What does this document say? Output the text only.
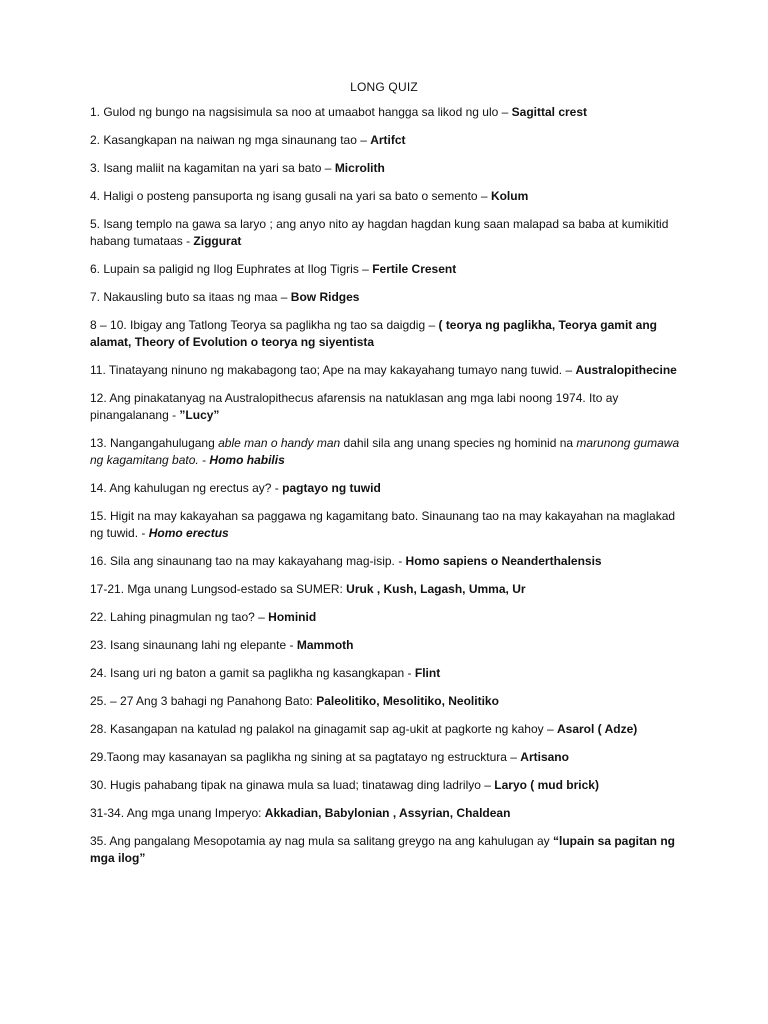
LONG QUIZ

1. Gulod ng bungo na nagsisimula sa noo at umaabot hangga sa likod ng ulo – Sagittal crest

2. Kasangkapan na naiwan ng mga sinaunang tao – Artifct

3. Isang maliit na kagamitan na yari sa bato – Microlith

4. Haligi o posteng pansuporta ng isang gusali na yari sa bato o semento – Kolum

5. Isang templo na gawa sa laryo ; ang anyo nito ay hagdan hagdan kung saan malapad sa baba at kumikitid habang tumataas - Ziggurat

6. Lupain sa paligid ng Ilog Euphrates at Ilog Tigris – Fertile Cresent

7. Nakausling buto sa itaas ng maa – Bow Ridges

8 – 10. Ibigay ang Tatlong Teorya sa paglikha ng tao sa daigdig – ( teorya ng paglikha, Teorya gamit ang alamat, Theory of Evolution o teorya ng siyentista

11. Tinatayang ninuno ng makabagong tao; Ape na may kakayahang tumayo nang tuwid. – Australopithecine

12. Ang pinakatanyag na Australopithecus afarensis na natuklasan ang mga labi noong 1974. Ito ay pinangalanang - ”Lucy”

13. Nangangahulugang able man o handy man dahil sila ang unang species ng hominid na marunong gumawa ng kagamitang bato. - Homo habilis

14. Ang kahulugan ng erectus ay? - pagtayo ng tuwid

15. Higit na may kakayahan sa paggawa ng kagamitang bato. Sinaunang tao na may kakayahan na maglakad ng tuwid. - Homo erectus

16. Sila ang sinaunang tao na may kakayahang mag-isip. - Homo sapiens o Neanderthalensis

17-21. Mga unang Lungsod-estado sa SUMER: Uruk , Kush, Lagash, Umma, Ur

22. Lahing pinagmulan ng tao? – Hominid

23. Isang sinaunang lahi ng elepante - Mammoth

24. Isang uri ng baton a gamit sa paglikha ng kasangkapan - Flint

25. – 27 Ang 3 bahagi ng Panahong Bato: Paleolitiko, Mesolitiko, Neolitiko

28. Kasangapan na katulad ng palakol na ginagamit sap ag-ukit at pagkorte ng kahoy – Asarol ( Adze)

29.Taong may kasanayan sa paglikha ng sining at sa pagtatayo ng estrucktura – Artisano

30. Hugis pahabang tipak na ginawa mula sa luad; tinatawag ding ladrilyo – Laryo ( mud brick)

31-34. Ang mga unang Imperyo: Akkadian, Babylonian , Assyrian, Chaldean

35. Ang pangalang Mesopotamia ay nag mula sa salitang greygo na ang kahulugan ay “lupain sa pagitan ng mga ilog”
